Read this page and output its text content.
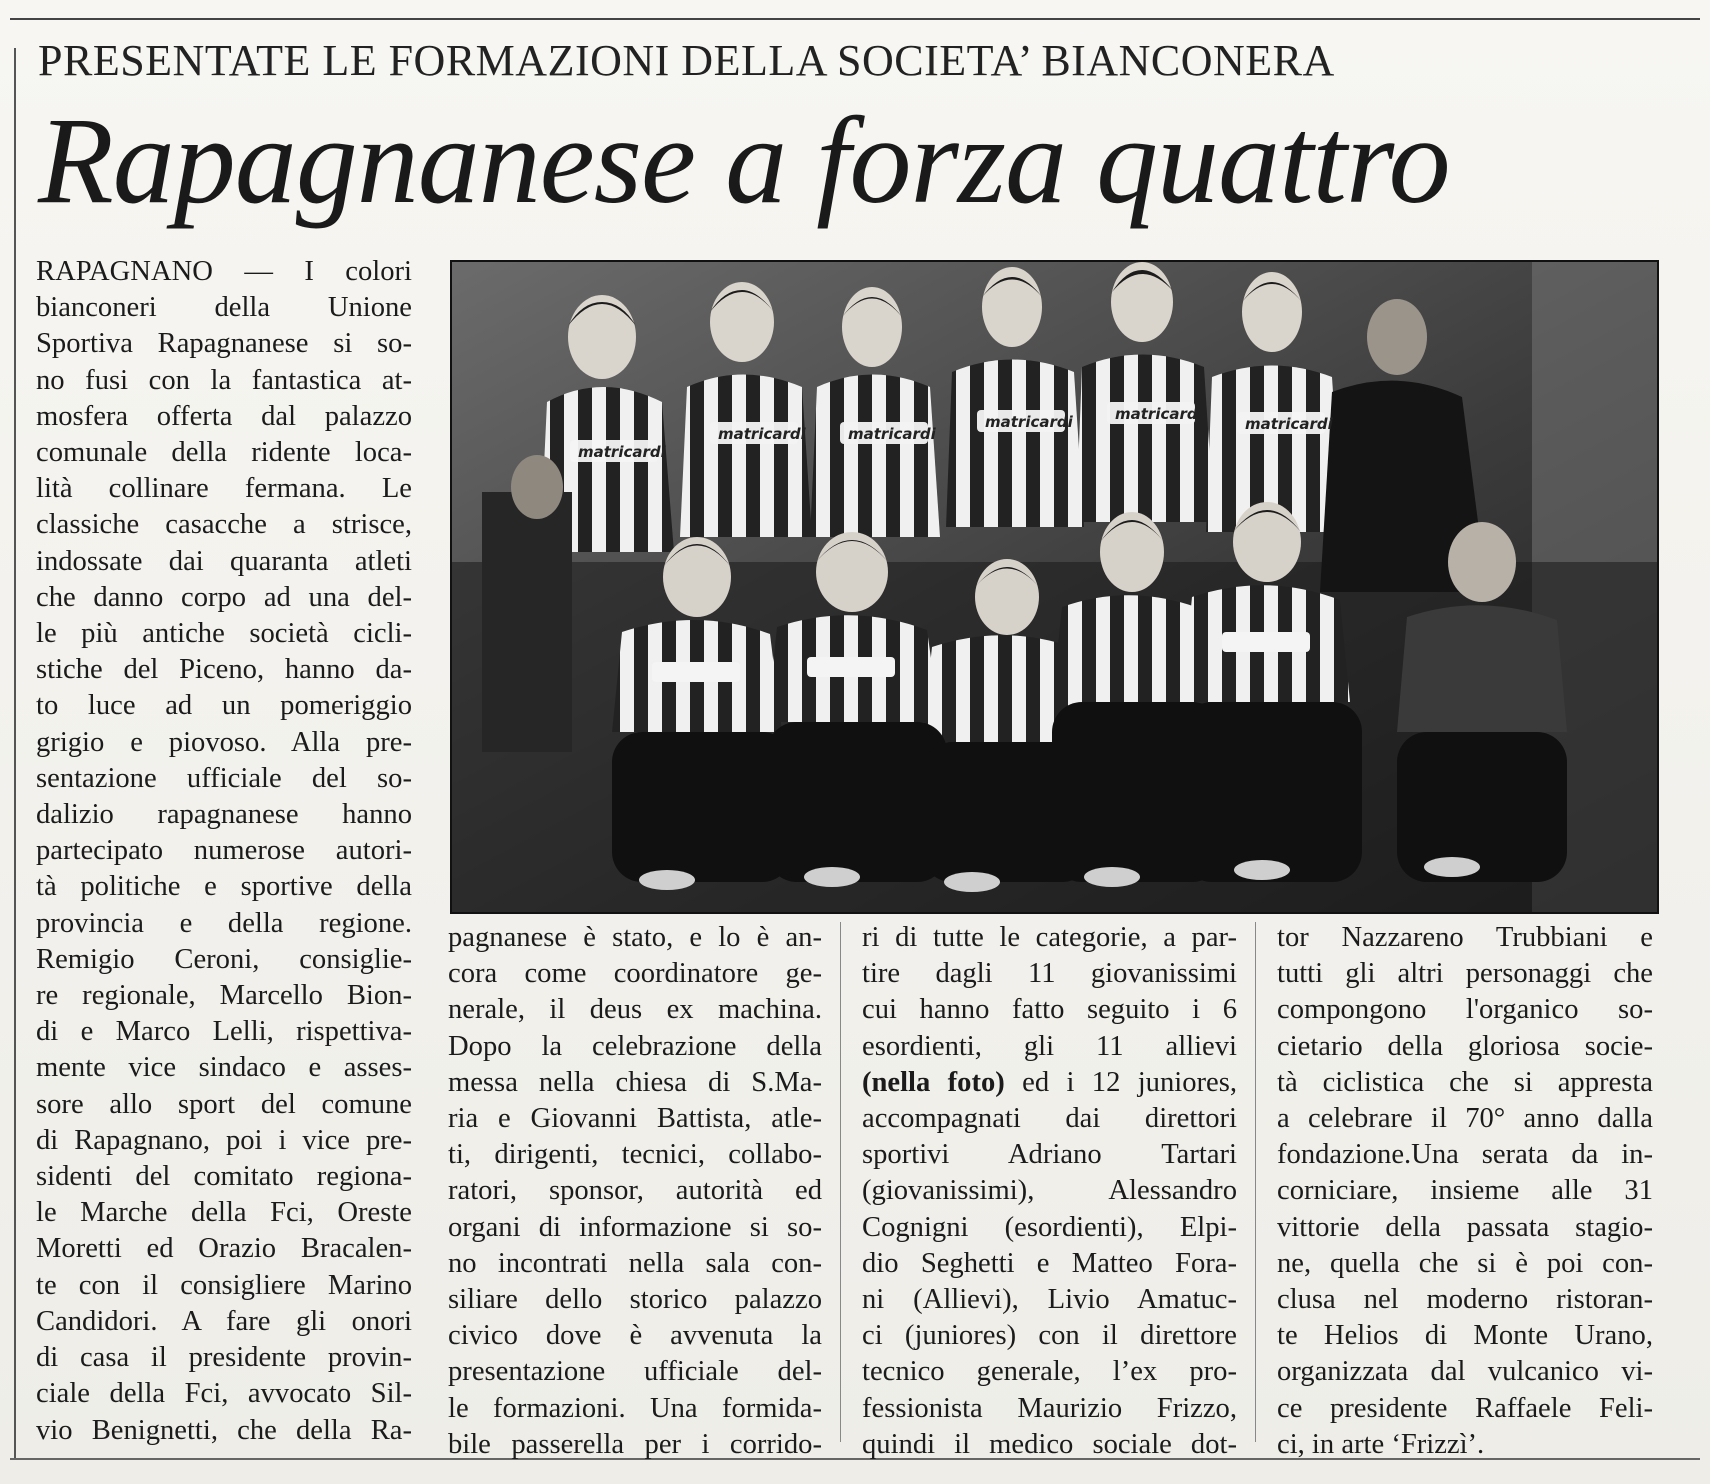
PRESENTATE LE FORMAZIONI DELLA SOCIETA’ BIANCONERA
Rapagnanese a forza quattro
RAPAGNANO — I colori
bianconeri della Unione
Sportiva Rapagnanese si so-
no fusi con la fantastica at-
mosfera offerta dal palazzo
comunale della ridente loca-
lità collinare fermana. Le
classiche casacche a strisce,
indossate dai quaranta atleti
che danno corpo ad una del-
le più antiche società cicli-
stiche del Piceno, hanno da-
to luce ad un pomeriggio
grigio e piovoso. Alla pre-
sentazione ufficiale del so-
dalizio rapagnanese hanno
partecipato numerose autori-
tà politiche e sportive della
provincia e della regione.
Remigio Ceroni, consiglie-
re regionale, Marcello Bion-
di e Marco Lelli, rispettiva-
mente vice sindaco e asses-
sore allo sport del comune
di Rapagnano, poi i vice pre-
sidenti del comitato regiona-
le Marche della Fci, Oreste
Moretti ed Orazio Bracalen-
te con il consigliere Marino
Candidori. A fare gli onori
di casa il presidente provin-
ciale della Fci, avvocato Sil-
vio Benignetti, che della Ra-
matricardi
matricardi	matricardi
matricardi	matricardi
matricardi
pagnanese è stato, e lo è an-
cora come coordinatore ge-
nerale, il deus ex machina.
Dopo la celebrazione della
messa nella chiesa di S.Ma-
ria e Giovanni Battista, atle-
ti, dirigenti, tecnici, collabo-
ratori, sponsor, autorità ed
organi di informazione si so-
no incontrati nella sala con-
siliare dello storico palazzo
civico dove è avvenuta la
presentazione ufficiale del-
le formazioni. Una formida-
bile passerella per i corrido-
ri di tutte le categorie, a par-
tire dagli 11 giovanissimi
cui hanno fatto seguito i 6
esordienti, gli 11 allievi
(nella foto) ed i 12 juniores,
accompagnati dai direttori
sportivi Adriano Tartari
(giovanissimi), Alessandro
Cognigni (esordienti), Elpi-
dio Seghetti e Matteo Fora-
ni (Allievi), Livio Amatuc-
ci (juniores) con il direttore
tecnico generale, l’ex pro-
fessionista Maurizio Frizzo,
quindi il medico sociale dot-
tor Nazzareno Trubbiani e
tutti gli altri personaggi che
compongono l'organico so-
cietario della gloriosa socie-
tà ciclistica che si appresta
a celebrare il 70° anno dalla
fondazione.Una serata da in-
corniciare, insieme alle 31
vittorie della passata stagio-
ne, quella che si è poi con-
clusa nel moderno ristoran-
te Helios di Monte Urano,
organizzata dal vulcanico vi-
ce presidente Raffaele Feli-
ci, in arte ‘Frizzì’.
